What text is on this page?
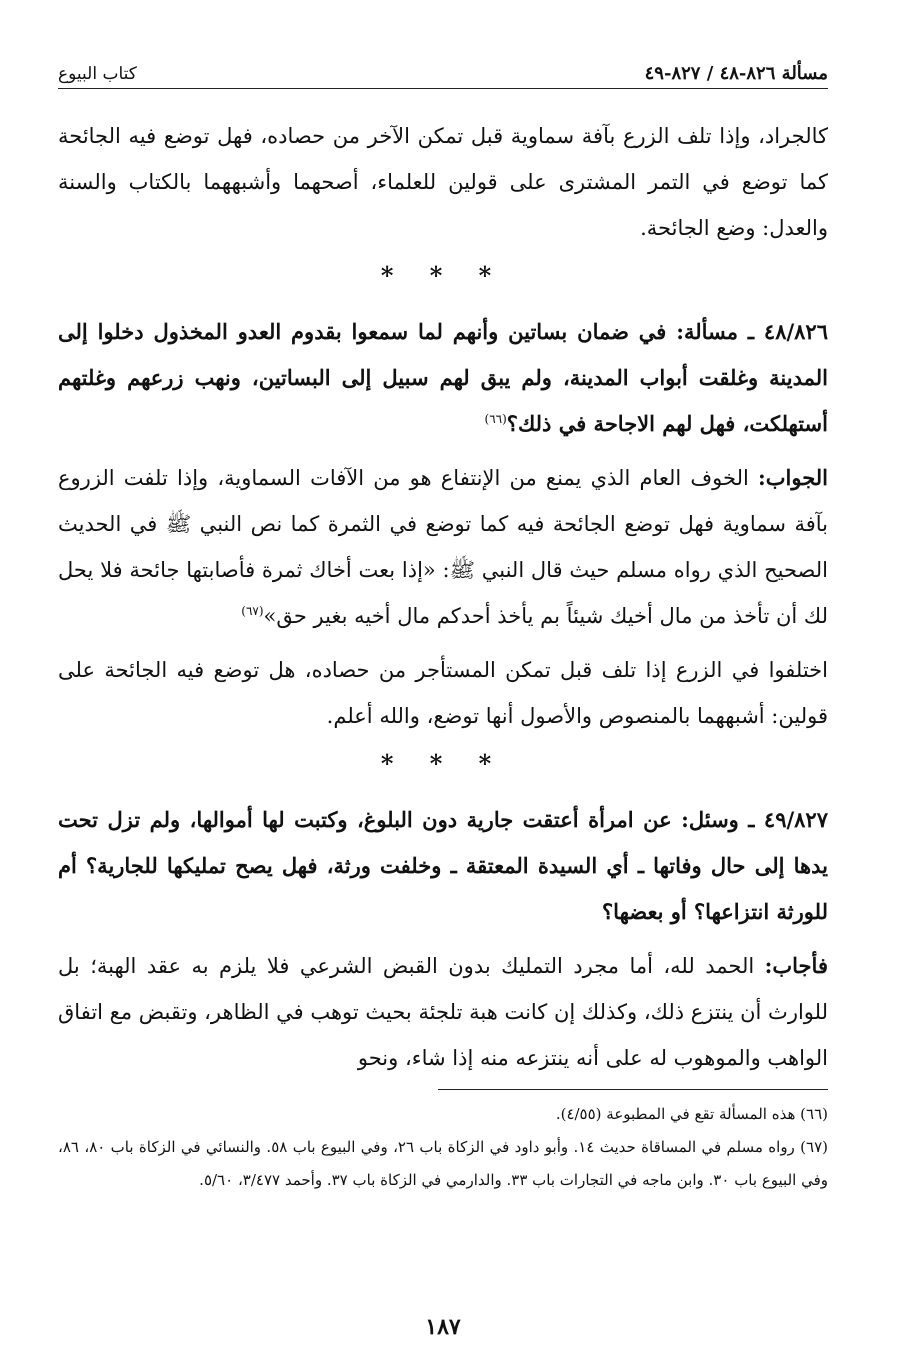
مسألة ٨٢٦-٤٨ / ٨٢٧-٤٩
كتاب البيوع

كالجراد، وإذا تلف الزرع بآفة سماوية قبل تمكن الآخر من حصاده، فهل توضع فيه الجائحة كما توضع في التمر المشترى على قولين للعلماء، أصحهما وأشبههما بالكتاب والسنة والعدل: وضع الجائحة.

* * *

٤٨/٨٢٦ ـ مسألة: في ضمان بساتين وأنهم لما سمعوا بقدوم العدو المخذول دخلوا إلى المدينة وغلقت أبواب المدينة، ولم يبق لهم سبيل إلى البساتين، ونهب زرعهم وغلتهم أستهلكت، فهل لهم الاجاحة في ذلك؟$^{(٦٦)}$

الجواب: الخوف العام الذي يمنع من الإنتفاع هو من الآفات السماوية، وإذا تلفت الزروع بآفة سماوية فهل توضع الجائحة فيه كما توضع في الثمرة كما نص النبي ﷺ في الحديث الصحيح الذي رواه مسلم حيث قال النبي ﷺ: «إذا بعت أخاك ثمرة فأصابتها جائحة فلا يحل لك أن تأخذ من مال أخيك شيئاً بم يأخذ أحدكم مال أخيه بغير حق»$^{(٦٧)}$

اختلفوا في الزرع إذا تلف قبل تمكن المستأجر من حصاده، هل توضع فيه الجائحة على قولين: أشبههما بالمنصوص والأصول أنها توضع، والله أعلم.

* * *

٤٩/٨٢٧ ـ وسئل: عن امرأة أعتقت جارية دون البلوغ، وكتبت لها أموالها، ولم تزل تحت يدها إلى حال وفاتها ـ أي السيدة المعتقة ـ وخلفت ورثة، فهل يصح تمليكها للجارية؟ أم للورثة انتزاعها؟ أو بعضها؟

فأجاب: الحمد لله، أما مجرد التمليك بدون القبض الشرعي فلا يلزم به عقد الهبة؛ بل للوارث أن ينتزع ذلك، وكذلك إن كانت هبة تلجئة بحيث توهب في الظاهر، وتقبض مع اتفاق الواهب والموهوب له على أنه ينتزعه منه إذا شاء، ونحو

(٦٦) هذه المسألة تقع في المطبوعة (٤/٥٥).

(٦٧) رواه مسلم في المساقاة حديث ١٤. وأبو داود في الزكاة باب ٢٦، وفي البيوع باب ٥٨. والنسائي في الزكاة باب ٨٠، ٨٦، وفي البيوع باب ٣٠. وابن ماجه في التجارات باب ٣٣. والدارمي في الزكاة باب ٣٧. وأحمد ٣/٤٧٧، ٥/٦٠.

١٨٧
